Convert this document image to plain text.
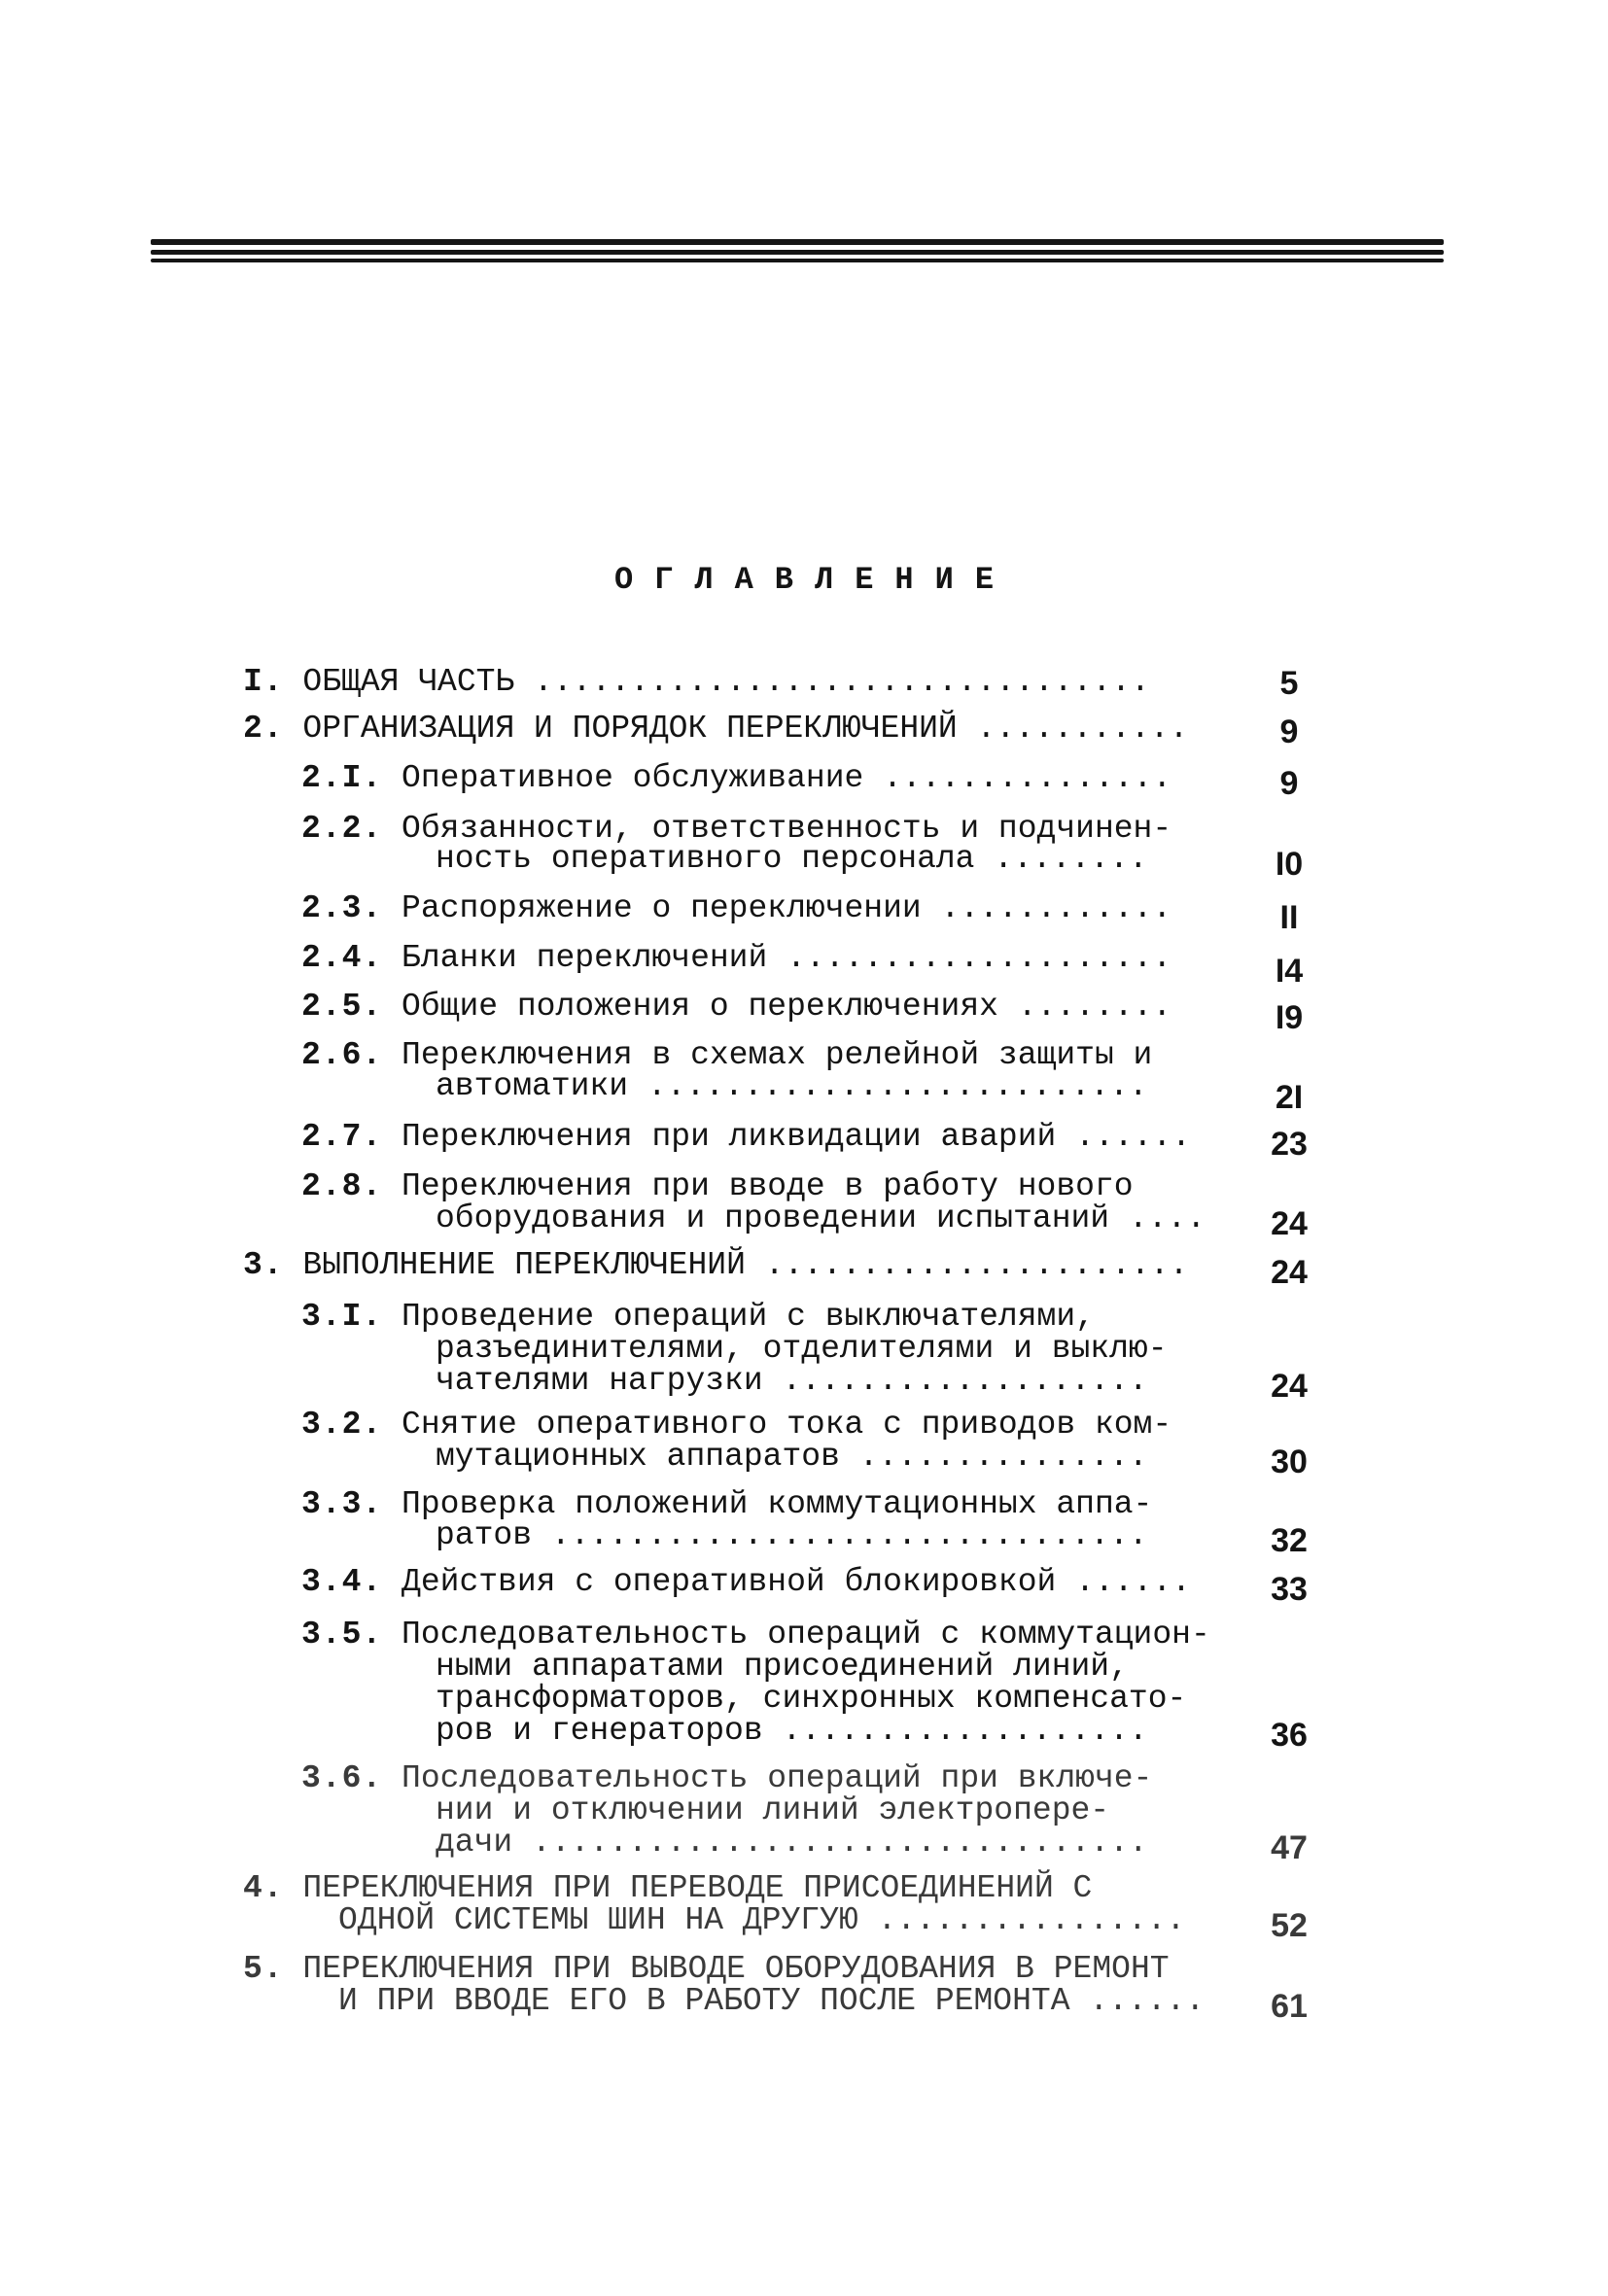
ОГЛАВЛЕНИЕ
I. ОБЩАЯ ЧАСТЬ ................................	5
2. ОРГАНИЗАЦИЯ И ПОРЯДОК ПЕРЕКЛЮЧЕНИЙ ...........	9
2.I. Оперативное обслуживание ...............	9
2.2. Обязанности, ответственность и подчинен-
ность оперативного персонала ........	I0
2.3. Распоряжение о переключении ............	II
2.4. Бланки переключений ....................	I4
2.5. Общие положения о переключениях ........	I9
2.6. Переключения в схемах релейной защиты и
автоматики ..........................	2I
2.7. Переключения при ликвидации аварий ......	23
2.8. Переключения при вводе в работу нового
оборудования и проведении испытаний ....	24
3. ВЫПОЛНЕНИЕ ПЕРЕКЛЮЧЕНИЙ ......................	24
3.I. Проведение операций с выключателями,
разъединителями, отделителями и выклю-
чателями нагрузки ...................	24
3.2. Снятие оперативного тока с приводов ком-
мутационных аппаратов ...............	30
3.3. Проверка положений коммутационных аппа-
ратов ...............................	32
3.4. Действия с оперативной блокировкой ......	33
3.5. Последовательность операций с коммутацион-
ными аппаратами присоединений линий,
трансформаторов, синхронных компенсато-
ров и генераторов ...................	36
3.6. Последовательность операций при включе-
нии и отключении линий электропере-
дачи ................................	47
4. ПЕРЕКЛЮЧЕНИЯ ПРИ ПЕРЕВОДЕ ПРИСОЕДИНЕНИЙ С
ОДНОЙ СИСТЕМЫ ШИН НА ДРУГУЮ ................	52
5. ПЕРЕКЛЮЧЕНИЯ ПРИ ВЫВОДЕ ОБОРУДОВАНИЯ В РЕМОНТ
И ПРИ ВВОДЕ ЕГО В РАБОТУ ПОСЛЕ РЕМОНТА ......	61
